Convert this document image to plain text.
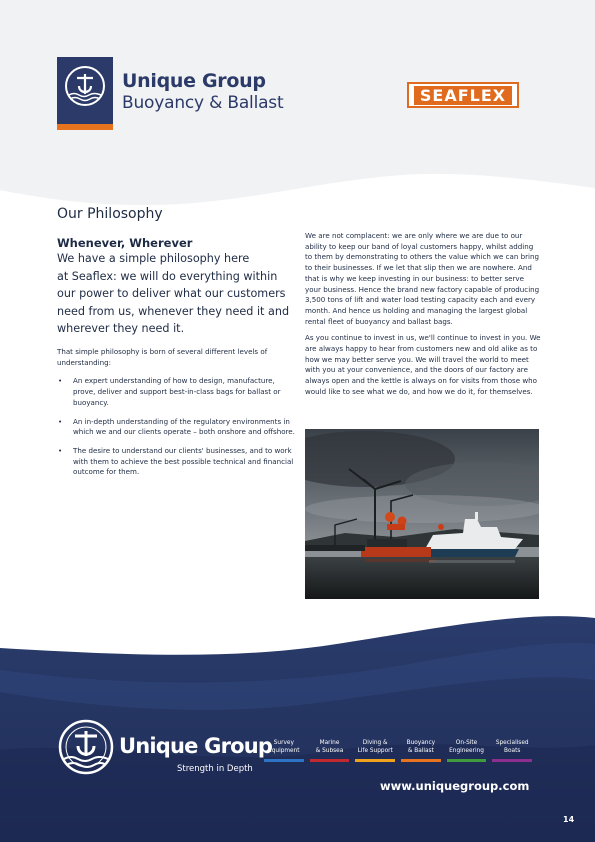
Unique Group
Buoyancy & Ballast	SEAFLEX
Our Philosophy
Whenever, Wherever
We have a simple philosophy here
at Seaflex: we will do everything within
our power to deliver what our customers
need from us, whenever they need it and
wherever they need it.

That simple philosophy is born of several different levels of understanding:

• An expert understanding of how to design, manufacture, prove, deliver and support best-in-class bags for ballast or buoyancy.
• An in-depth understanding of the regulatory environments in which we and our clients operate – both onshore and offshore.
• The desire to understand our clients' businesses, and to work with them to achieve the best possible technical and financial outcome for them.

We are not complacent: we are only where we are due to our ability to keep our band of loyal customers happy, whilst adding to them by demonstrating to others the value which we can bring to their businesses. If we let that slip then we are nowhere. And that is why we keep investing in our business: to better serve your business. Hence the brand new factory capable of producing 3,500 tons of lift and water load testing capacity each and every month. And hence us holding and managing the largest global rental fleet of buoyancy and ballast bags.

As you continue to invest in us, we'll continue to invest in you. We are always happy to hear from customers new and old alike as to how we may better serve you. We will travel the world to meet with you at your convenience, and the doors of our factory are always open and the kettle is always on for visits from those who would like to see what we do, and how we do it, for themselves.

Unique Group
Strength in Depth
Survey
Equipment
Marine
& Subsea
Diving &
Life Support
Buoyancy
& Ballast
On-Site
Engineering
Specialised
Boats
www.uniquegroup.com
14
